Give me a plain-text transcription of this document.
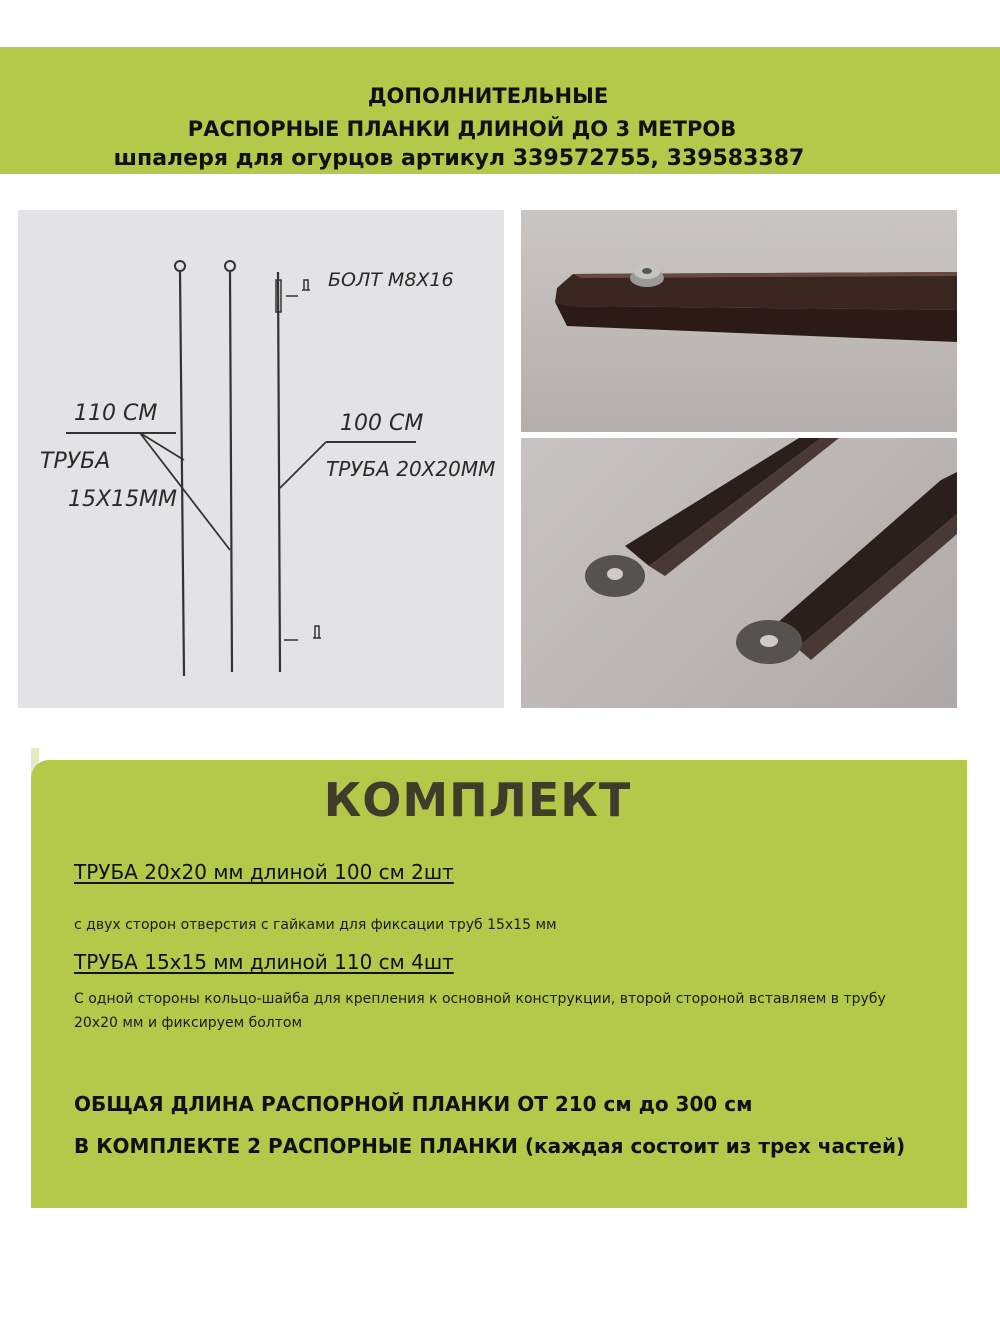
ДОПОЛНИТЕЛЬНЫЕ
РАСПОРНЫЕ ПЛАНКИ ДЛИНОЙ ДО 3 МЕТРОВ
шпалеря для огурцов артикул 339572755, 339583387
БОЛТ М8Х16
110 СМ
ТРУБА
15Х15ММ
100 СМ
ТРУБА 20Х20ММ
КОМПЛЕКТ
ТРУБА 20х20 мм длиной 100 см 2шт
с двух сторон отверстия с гайками для фиксации труб 15х15 мм
ТРУБА 15х15 мм длиной 110 см 4шт
С одной стороны кольцо-шайба для крепления к основной конструкции, второй стороной вставляем в трубу 20х20 мм и фиксируем болтом
ОБЩАЯ ДЛИНА РАСПОРНОЙ ПЛАНКИ ОТ 210 см до 300 см
В КОМПЛЕКТЕ 2 РАСПОРНЫЕ ПЛАНКИ (каждая состоит из трех частей)
